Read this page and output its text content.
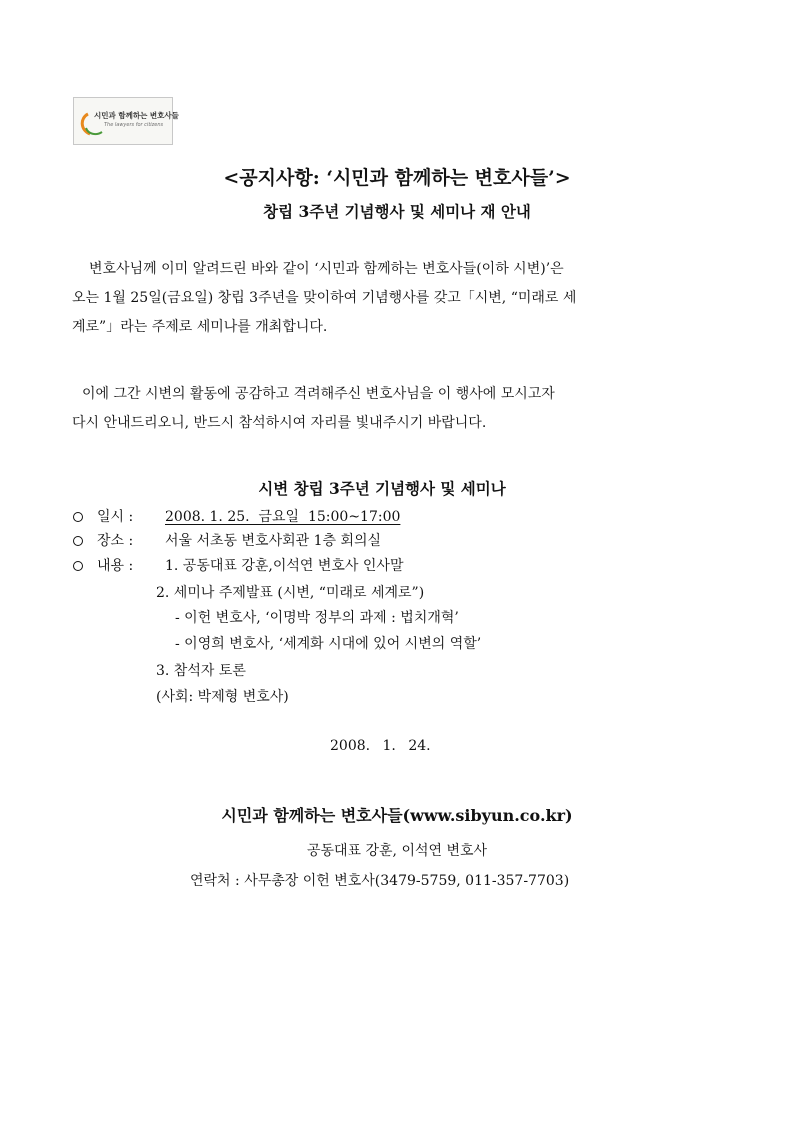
시민과 함께하는 변호사들
The lawyers for citizens
<공지사항: ‘시민과 함께하는 변호사들’>
창립 3주년 기념행사 및 세미나 재 안내
변호사님께 이미 알려드린 바와 같이 ‘시민과 함께하는 변호사들(이하 시변)’은
오는 1월 25일(금요일) 창립 3주년을 맞이하여 기념행사를 갖고「시변, “미래로 세
계로”」라는 주제로 세미나를 개최합니다.
이에 그간 시변의 활동에 공감하고 격려해주신 변호사님을 이 행사에 모시고자
다시 안내드리오니, 반드시 참석하시여 자리를 빛내주시기 바랍니다.
시변 창립 3주년 기념행사 및 세미나
일시 : 2008. 1. 25.  금요일  15:00~17:00
장소 : 서울 서초동 변호사회관 1층 회의실
내용 :	1. 공동대표 강훈,이석연 변호사 인사말
2. 세미나 주제발표 (시변, “미래로 세계로”)
- 이헌 변호사, ‘이명박 정부의 과제 : 법치개혁’
- 이영희 변호사, ‘세계화 시대에 있어 시변의 역할’
3. 참석자 토론
(사회: 박제형 변호사)
2008. 1. 24.
시민과 함께하는 변호사들(www.sibyun.co.kr)
공동대표 강훈, 이석연 변호사
연락처 : 사무총장 이헌 변호사(3479-5759, 011-357-7703)
